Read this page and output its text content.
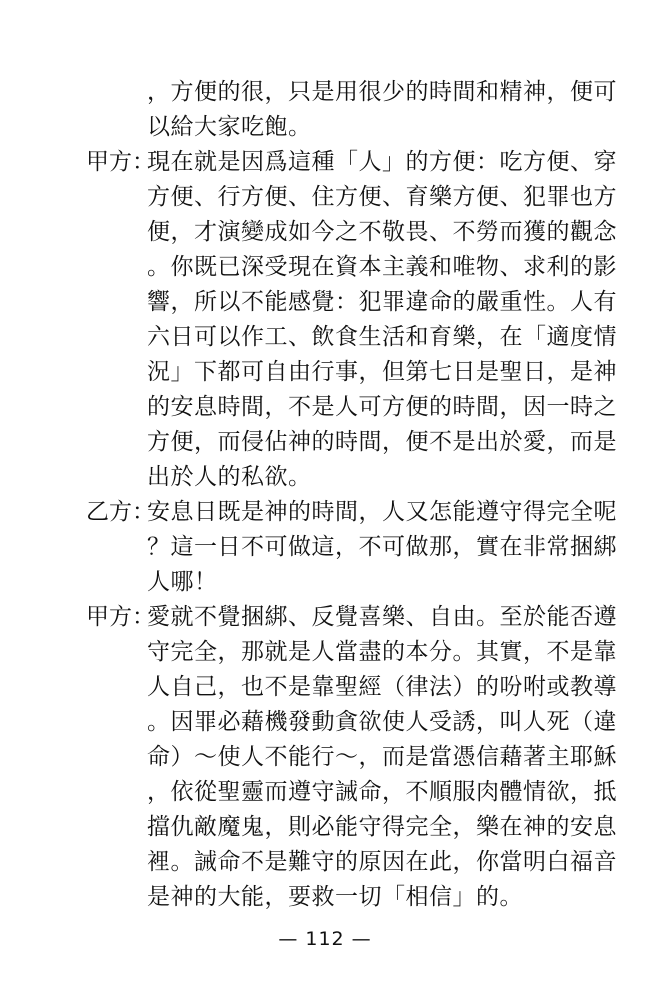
，方便的很，只是用很少的時間和精神，便可
以給大家吃飽。
甲方：
現在就是因爲這種「人」的方便：吃方便、穿
方便、行方便、住方便、育樂方便、犯罪也方
便，才演變成如今之不敬畏、不勞而獲的觀念
。你既已深受現在資本主義和唯物、求利的影
響，所以不能感覺：犯罪違命的嚴重性。人有
六日可以作工、飲食生活和育樂，在「適度情
況」下都可自由行事，但第七日是聖日，是神
的安息時間，不是人可方便的時間，因一時之
方便，而侵佔神的時間，便不是出於愛，而是
出於人的私欲。
乙方：
安息日既是神的時間，人又怎能遵守得完全呢
？這一日不可做這，不可做那，實在非常捆綁
人哪！
甲方：
愛就不覺捆綁、反覺喜樂、自由。至於能否遵
守完全，那就是人當盡的本分。其實，不是靠
人自己，也不是靠聖經（律法）的吩咐或教導
。因罪必藉機發動貪欲使人受誘，叫人死（違
命）～使人不能行～，而是當憑信藉著主耶穌
，依從聖靈而遵守誡命，不順服肉體情欲，抵
擋仇敵魔鬼，則必能守得完全，樂在神的安息
裡。誡命不是難守的原因在此，你當明白福音
是神的大能，要救一切「相信」的。
— 112 —
